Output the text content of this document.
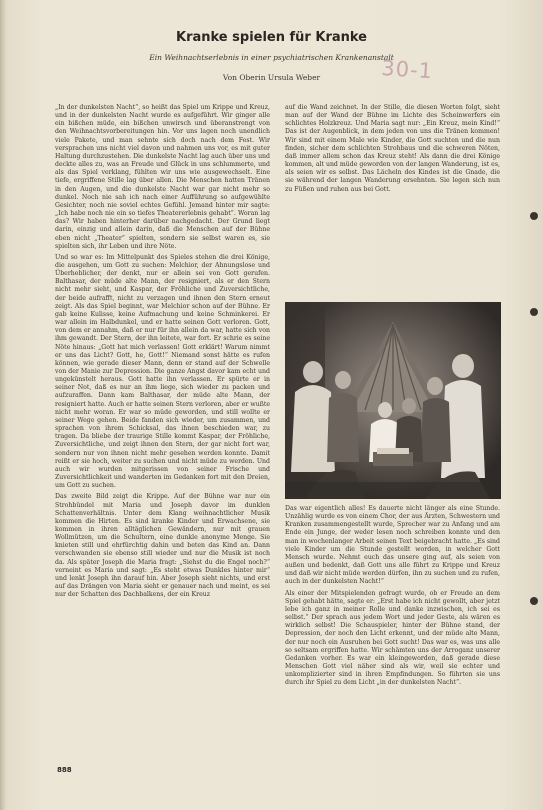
Kranke spielen für Kranke
Ein Weihnachtserlebnis in einer psychiatrischen Krankenanstalt
Von Oberin Ursula Weber	30-1

„In der dunkelsten Nacht“, so heißt das Spiel um Krippe und Kreuz, und in der dunkelsten Nacht wurde es aufgeführt. Wir ginger alle ein bißchen müde, ein bißchen unwirsch und überanstrengt von den Weihnachtsvorbereitungen hin. Vor uns lagen noch unendlich viele Pakete, und man sehnte sich doch nach dem Fest. Wir versprachen uns nicht viel davon und nahmen uns vor, es mit guter Haltung durchzustehen. Die dunkelste Nacht lag auch über uns und deckte alles zu, was an Freude und Glück in uns schlummerte, und als das Spiel verklang, fühlten wir uns wie ausgewechselt. Eine tiefe, ergriffene Stille lag über allen. Die Menschen hatten Tränen in den Augen, und die dunkelste Nacht war gar nicht mehr so dunkel. Noch nie sah ich nach einer Aufführung so aufgewühlte Gesichter, noch nie soviel echtes Gefühl. Jemand hinter mir sagte: „Ich habe noch nie ein so tiefes Theatererlebnis gehabt“. Woran lag das? Wir haben hinterher darüber nachgedacht. Der Grund liegt darin, einzig und allein darin, daß die Menschen auf der Bühne eben nicht „Theater“ spielten, sondern sie selbst waren es, sie spielten sich, ihr Leben und ihre Nöte.

Und so war es: Im Mittelpunkt des Spieles stehen die drei Könige, die ausgehen, um Gott zu suchen: Melchior, der Ahnungslose und Überheblicher, der denkt, nur er allein sei von Gott gerufen. Balthasar, der müde alte Mann, der resigniert, als er den Stern nicht mehr sieht, und Kaspar, der Fröhliche und Zuversichtliche, der beide aufrafft, nicht zu verzagen und ihnen den Stern erneut zeigt. Als das Spiel beginnt, war Melchior schon auf der Bühne. Er gab keine Kulisse, keine Aufmachung und keine Schminkerei. Er war allein im Halbdunkel, und er hatte seinen Gott verloren. Gott, von dem er annahm, daß er nur für ihn allein da war, hatte sich von ihm gewandt. Der Stern, der ihn leitete, war fort. Er schrie es seine Nöte hinaus: „Gott hat mich verlassen! Gott erklärt! Warum nimmt er uns das Licht? Gott, he, Gott!“ Niemand sonst hätte es rufen können, wie gerade dieser Mann, denn er stand auf der Schwelle von der Manie zur Depression. Die ganze Angst davor kam echt und ungekünstelt heraus. Gott hatte ihn verlassen. Er spürte er in seiner Not, daß es nur an ihm liege, sich wieder zu packen und aufzuraffen. Dann kam Balthasar, der müde alte Mann, der resigniert hatte. Auch er hatte seinen Stern verloren, aber er wußte nicht mehr woran. Er war so müde geworden, und still wollte er seiner Wege gehen. Beide fanden sich wieder, um zusammen, und sprachen von ihrem Schicksal, das ihnen beschieden war, zu tragen. Da bliebe der traurige Stille kommt Kaspar, der Fröhliche, Zuversichtliche, und zeigt ihnen den Stern, der gar nicht fort war, sondern nur von ihnen nicht mehr gesehen werden konnte. Damit reißt er sie hoch, weiter zu suchen und nicht müde zu werden. Und auch wir wurden mitgerissen von seiner Frische und Zuversichtlichkeit und wanderten im Gedanken fort mit den Dreien, um Gott zu suchen.

Das zweite Bild zeigt die Krippe. Auf der Bühne war nur ein Strohbündel mit Maria und Joseph davor im dunklen Schattenverhältnis. Unter dem Klang weihnachtlicher Musik kommen die Hirten. Es sind kranke Kinder und Erwachsene, sie kommen in ihren alltäglichen Gewändern, nur mit grauen Wollmützen, um die Schultern, eine dunkle anonyme Menge. Sie knieten still und ehrfürchtig dahin und beten das Kind an. Dann verschwanden sie ebenso still wieder und nur die Musik ist noch da. Als später Joseph die Maria fragt: „Siehst du die Engel noch?“ verneint es Maria und sagt: „Es steht etwas Dunkles hinter mir“ und lenkt Joseph ihn darauf hin. Aber Joseph sieht nichts, und erst auf das Drängen von Maria sieht er genauer nach und meint, es sei nur der Schatten des Dachbalkens, der ein Kreuz

auf die Wand zeichnet. In der Stille, die diesen Worten folgt, sieht man auf der Wand der Bühne im Lichte des Scheinwerfers ein schlichtes Holzkreuz. Und Maria sagt nur: „Ein Kreuz, mein Kind!“ Das ist der Augenblick, in dem jeden von uns die Tränen kommen! Wir sind mit einem Male wie Kinder, die Gott suchten und die nun finden, sicher dem schlichten Strohbaus und die schweren Nöten, daß immer allem schon das Kreuz steht! Als dann die drei Könige kommen, alt und müde geworden von der langen Wanderung, ist es, als seien wir es selbst. Das Lächeln des Kindes ist die Gnade, die sie während der langen Wanderung ersehnten. Sie legen sich nun zu Füßen und ruhen aus bei Gott.

Das war eigentlich alles! Es dauerte nicht länger als eine Stunde. Unzählig wurde es von einem Chor, der aus Ärzten, Schwestern und Kranken zusammengestellt wurde, Sprecher war zu Anfang und am Ende ein Junge, der weder lesen noch schreiben konnte und den man in wochenlanger Arbeit seinen Text beigebracht hatte. „Es sind viele Kinder um die Stunde gestellt worden, in welcher Gott Mensch wurde. Nehmt euch das unsere ging auf, als seien von außen und bedenkt, daß Gott uns alle führt zu Krippe und Kreuz und daß wir nicht müde werden dürfen, ihn zu suchen und zu rufen, auch in der dunkelsten Nacht!“

Als einer der Mitspielenden gefragt wurde, ob er Freude an dem Spiel gehabt hätte, sagte er: „Erst habe ich nicht gewollt, aber jetzt lebe ich ganz in meiner Rolle und danke inzwischen, ich sei es selbst.“ Der sprach aus jedem Wort und jeder Geste, als wären es wirklich selbst! Die Schauspieler, hinter der Bühne stand, der Depression, der noch den Licht erkennt, und der müde alte Mann, der nur noch ein Ausruhen bei Gott sucht! Das war es, was uns alle so seltsam ergriffen hatte. Wir schämten uns der Arroganz unserer Gedanken vorher. Es war ein kleingeworden, daß gerade diese Menschen Gott viel näher sind als wir, weil sie echter und unkomplizierter sind in ihren Empfindungen. So führten sie uns durch ihr Spiel zu dem Licht „in der dunkelsten Nacht“.

888
